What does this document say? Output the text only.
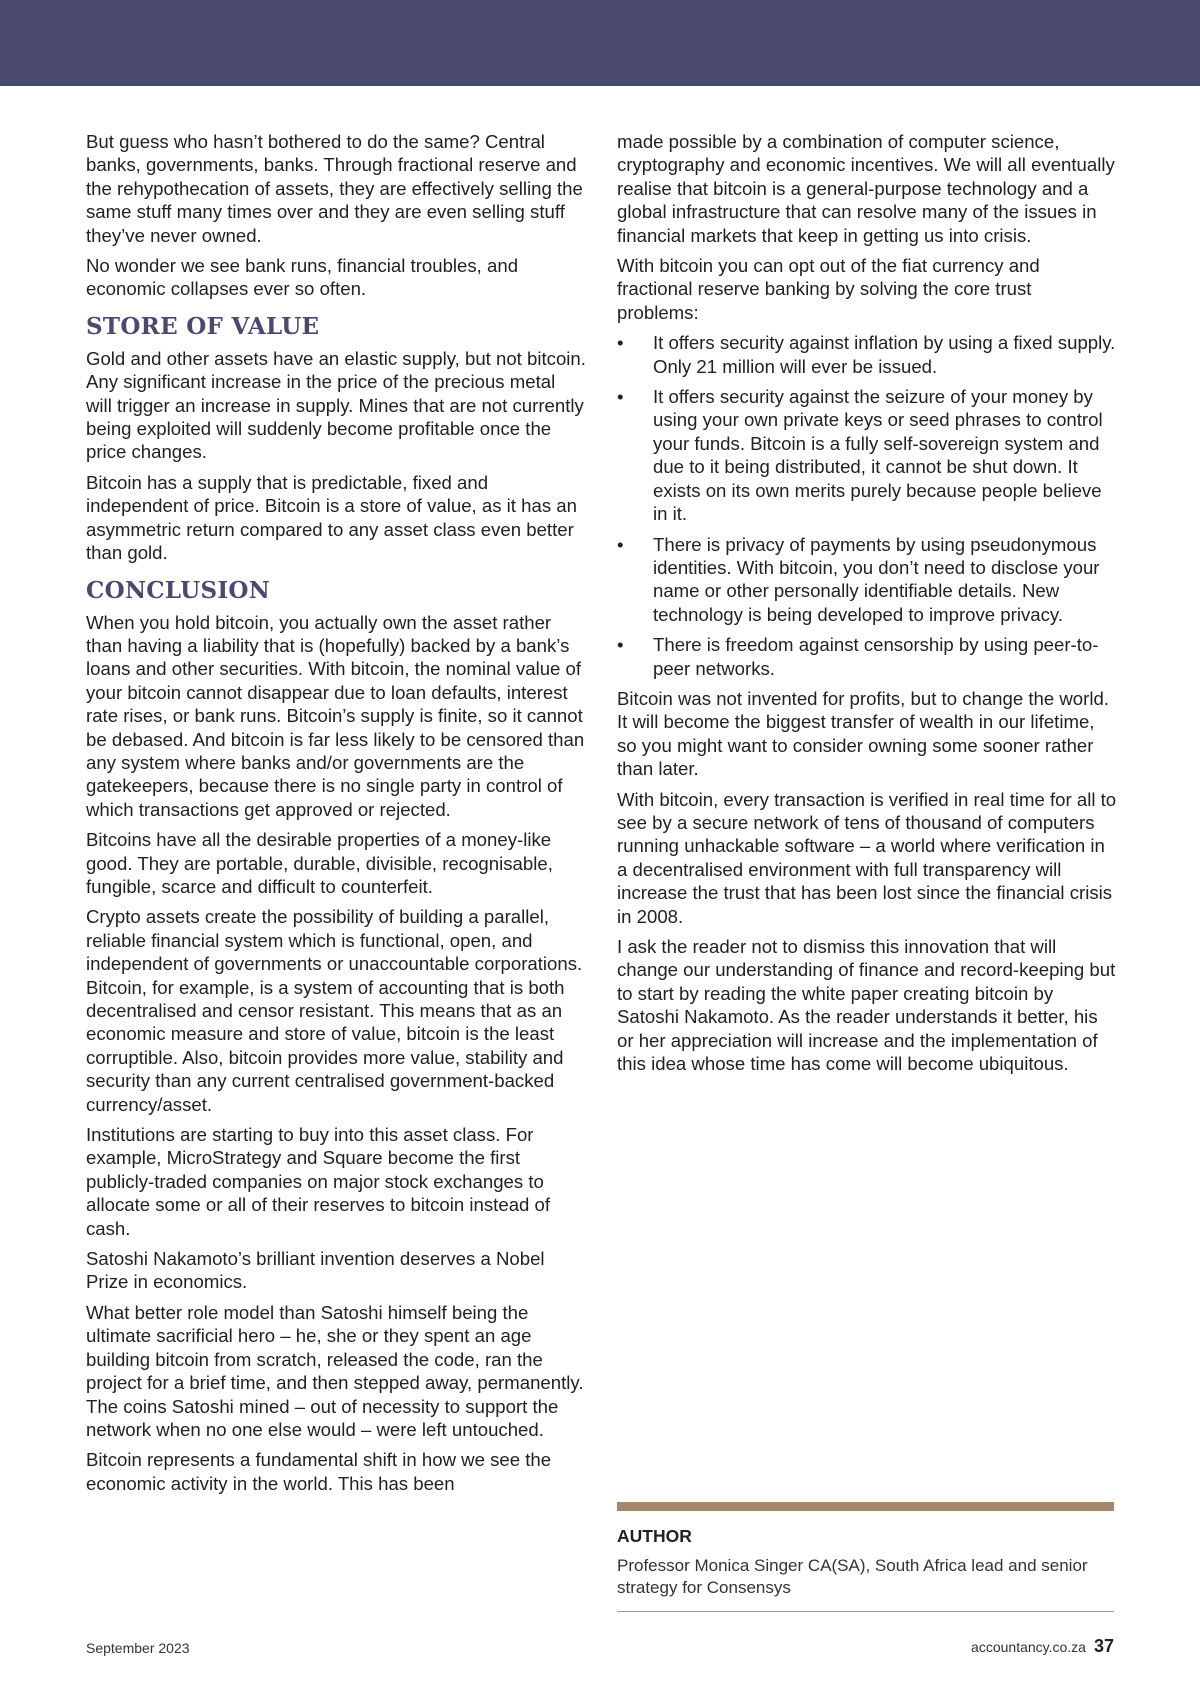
But guess who hasn’t bothered to do the same? Central banks, governments, banks. Through fractional reserve and the rehypothecation of assets, they are effectively selling the same stuff many times over and they are even selling stuff they’ve never owned.

No wonder we see bank runs, financial troubles, and economic collapses ever so often.

STORE OF VALUE

Gold and other assets have an elastic supply, but not bitcoin. Any significant increase in the price of the precious metal will trigger an increase in supply. Mines that are not currently being exploited will suddenly become profitable once the price changes.

Bitcoin has a supply that is predictable, fixed and independent of price. Bitcoin is a store of value, as it has an asymmetric return compared to any asset class even better than gold.

CONCLUSION

When you hold bitcoin, you actually own the asset rather than having a liability that is (hopefully) backed by a bank’s loans and other securities. With bitcoin, the nominal value of your bitcoin cannot disappear due to loan defaults, interest rate rises, or bank runs. Bitcoin’s supply is finite, so it cannot be debased. And bitcoin is far less likely to be censored than any system where banks and/or governments are the gatekeepers, because there is no single party in control of which transactions get approved or rejected.

Bitcoins have all the desirable properties of a money-like good. They are portable, durable, divisible, recognisable, fungible, scarce and difficult to counterfeit.

Crypto assets create the possibility of building a parallel, reliable financial system which is functional, open, and independent of governments or unaccountable corporations. Bitcoin, for example, is a system of accounting that is both decentralised and censor resistant. This means that as an economic measure and store of value, bitcoin is the least corruptible. Also, bitcoin provides more value, stability and security than any current centralised government-backed currency/asset.

Institutions are starting to buy into this asset class. For example, MicroStrategy and Square become the first publicly-traded companies on major stock exchanges to allocate some or all of their reserves to bitcoin instead of cash.

Satoshi Nakamoto’s brilliant invention deserves a Nobel Prize in economics.

What better role model than Satoshi himself being the ultimate sacrificial hero – he, she or they spent an age building bitcoin from scratch, released the code, ran the project for a brief time, and then stepped away, permanently. The coins Satoshi mined – out of necessity to support the network when no one else would – were left untouched.

Bitcoin represents a fundamental shift in how we see the economic activity in the world. This has been

made possible by a combination of computer science, cryptography and economic incentives. We will all eventually realise that bitcoin is a general-purpose technology and a global infrastructure that can resolve many of the issues in financial markets that keep in getting us into crisis.

With bitcoin you can opt out of the fiat currency and fractional reserve banking by solving the core trust problems:

• It offers security against inflation by using a fixed supply. Only 21 million will ever be issued.
• It offers security against the seizure of your money by using your own private keys or seed phrases to control your funds. Bitcoin is a fully self-sovereign system and due to it being distributed, it cannot be shut down. It exists on its own merits purely because people believe in it.
• There is privacy of payments by using pseudonymous identities. With bitcoin, you don’t need to disclose your name or other personally identifiable details. New technology is being developed to improve privacy.
• There is freedom against censorship by using peer-to-peer networks.

Bitcoin was not invented for profits, but to change the world. It will become the biggest transfer of wealth in our lifetime, so you might want to consider owning some sooner rather than later.

With bitcoin, every transaction is verified in real time for all to see by a secure network of tens of thousand of computers running unhackable software – a world where verification in a decentralised environment with full transparency will increase the trust that has been lost since the financial crisis in 2008.

I ask the reader not to dismiss this innovation that will change our understanding of finance and record-keeping but to start by reading the white paper creating bitcoin by Satoshi Nakamoto. As the reader understands it better, his or her appreciation will increase and the implementation of this idea whose time has come will become ubiquitous.

AUTHOR
Professor Monica Singer CA(SA), South Africa lead and senior strategy for Consensys
September 2023	accountancy.co.za 37
